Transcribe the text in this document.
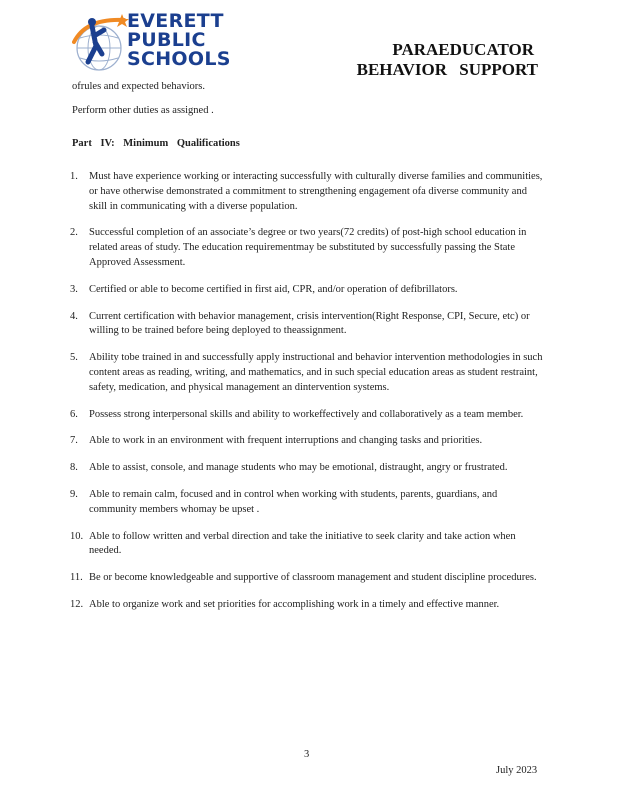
EVERETT
PUBLIC
SCHOOLS	PARAEDUCATOR
BEHAVIOR SUPPORT
ofrules and expected behaviors.
Perform other duties as assigned .
Part IV: Minimum Qualifications
1. Must have experience working or interacting successfully with culturally diverse families and communities, or have otherwise demonstrated a commitment to strengthening engagement ofa diverse community and skill in communicating with a diverse population.
2. Successful completion of an associate’s degree or two years(72 credits) of post-high school education in related areas of study. The education requirementmay be substituted by successfully passing the State Approved Assessment.
3. Certified or able to become certified in first aid, CPR, and/or operation of defibrillators.
4. Current certification with behavior management, crisis intervention(Right Response, CPI, Secure, etc) or willing to be trained before being deployed to theassignment.
5. Ability tobe trained in and successfully apply instructional and behavior intervention methodologies in such content areas as reading, writing, and mathematics, and in such special education areas as student restraint, safety, medication, and physical management an dintervention systems.
6. Possess strong interpersonal skills and ability to workeffectively and collaboratively as a team member.
7. Able to work in an environment with frequent interruptions and changing tasks and priorities.
8. Able to assist, console, and manage students who may be emotional, distraught, angry or frustrated.
9. Able to remain calm, focused and in control when working with students, parents, guardians, and community members whomay be upset .
10. Able to follow written and verbal direction and take the initiative to seek clarity and take action when needed.
11. Be or become knowledgeable and supportive of classroom management and student discipline procedures.
12. Able to organize work and set priorities for accomplishing work in a timely and effective manner.
3
July 2023
